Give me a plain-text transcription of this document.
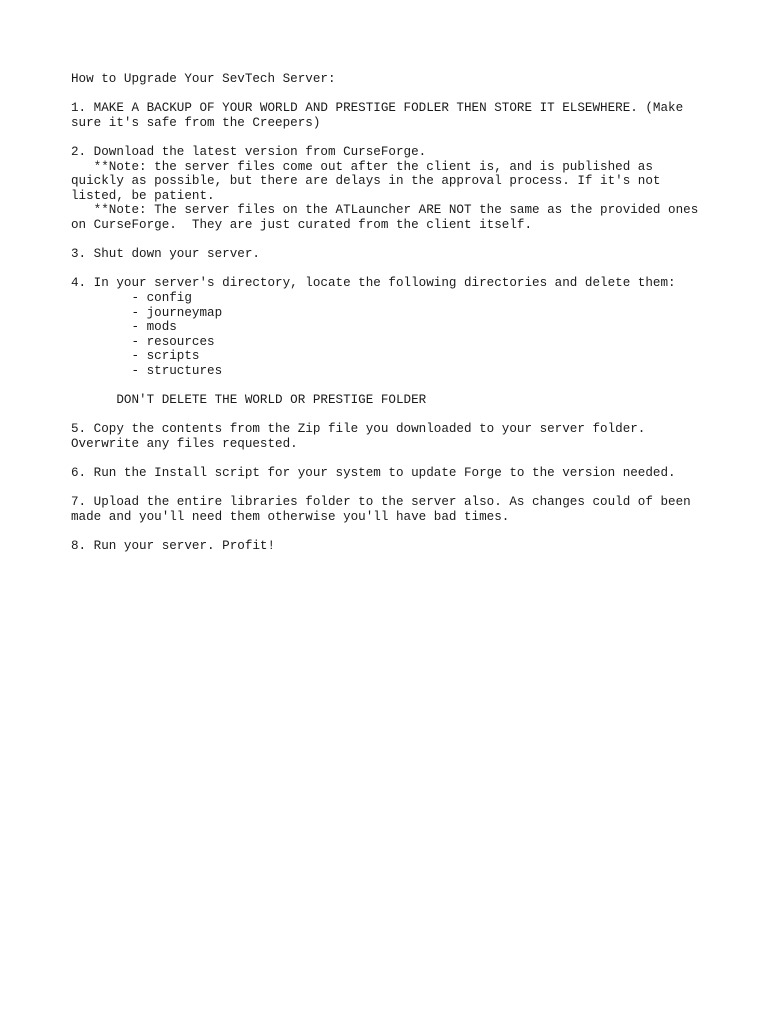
How to Upgrade Your SevTech Server:

1. MAKE A BACKUP OF YOUR WORLD AND PRESTIGE FODLER THEN STORE IT ELSEWHERE. (Make
sure it's safe from the Creepers)

2. Download the latest version from CurseForge.
**Note: the server files come out after the client is, and is published as
quickly as possible, but there are delays in the approval process. If it's not
listed, be patient.
**Note: The server files on the ATLauncher ARE NOT the same as the provided ones
on CurseForge.  They are just curated from the client itself.

3. Shut down your server.

4. In your server's directory, locate the following directories and delete them:
- config
- journeymap
- mods
- resources
- scripts
- structures

DON'T DELETE THE WORLD OR PRESTIGE FOLDER

5. Copy the contents from the Zip file you downloaded to your server folder.
Overwrite any files requested.

6. Run the Install script for your system to update Forge to the version needed.

7. Upload the entire libraries folder to the server also. As changes could of been
made and you'll need them otherwise you'll have bad times.

8. Run your server. Profit!
